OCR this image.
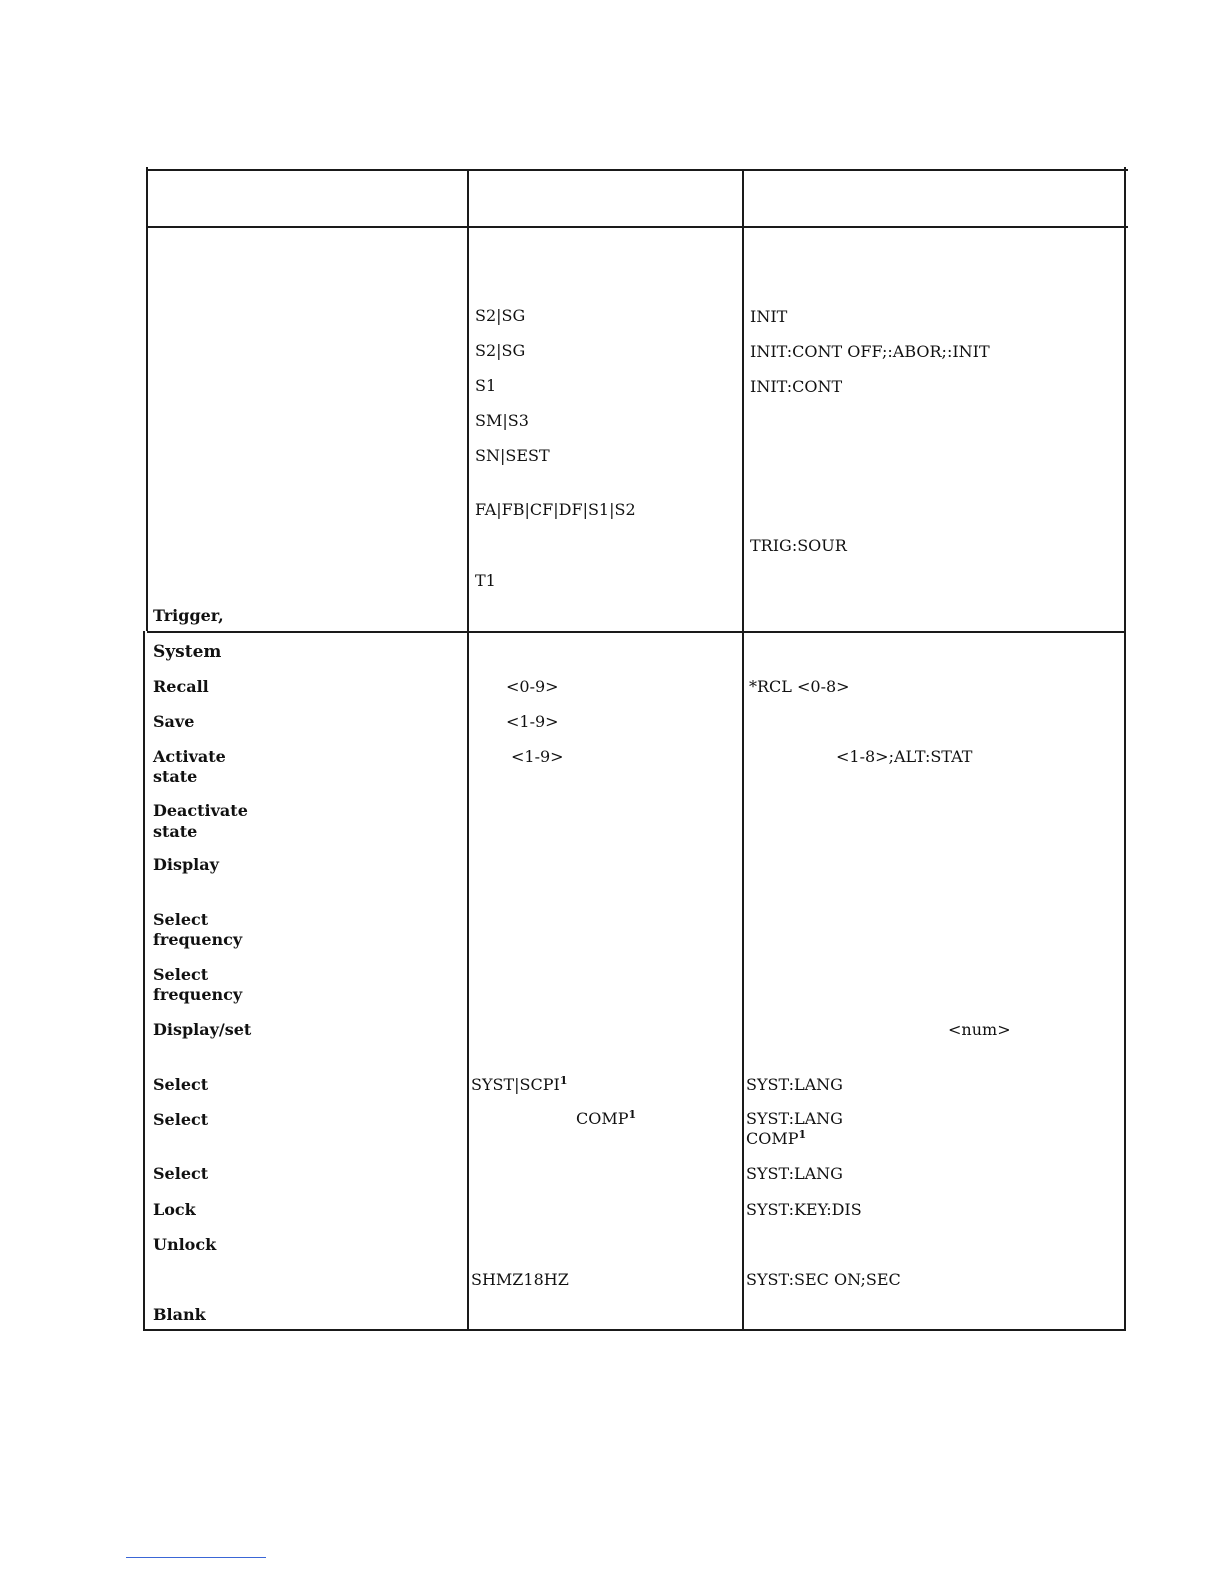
Trigger,
System
Recall
Save
Activate
state
Deactivate
state
Display
Select
frequency
Select
frequency
Display/set
Select
Select
Select
Lock
Unlock
Blank
S2|SG
S2|SG
S1
SM|S3
SN|SEST
FA|FB|CF|DF|S1|S2
T1
<0-9>
<1-9>
<1-9>
$SYST|SCPI^1$
COMP$^1$
SHMZ18HZ
INIT
INIT:CONT OFF;:ABOR;:INIT
INIT:CONT
TRIG:SOUR
*RCL <0-8>
<1-8>;ALT:STAT
<num>
SYST:LANG
SYST:LANG
COMP$^1$
SYST:LANG
SYST:KEY:DIS
SYST:SEC ON;SEC
